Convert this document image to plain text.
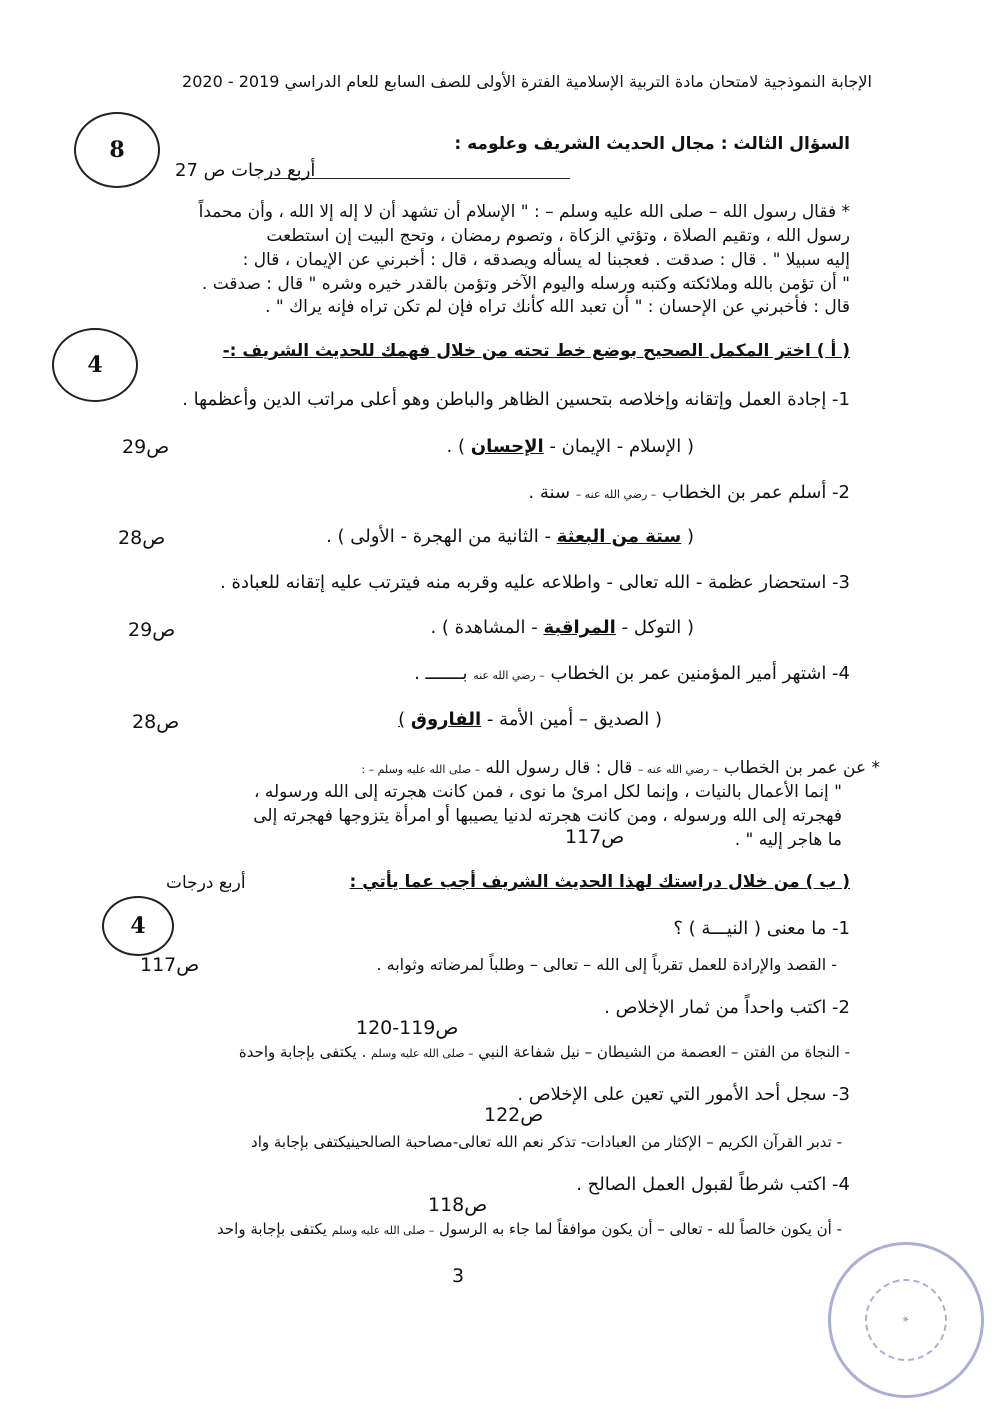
الإجابة النموذجية لامتحان مادة التربية الإسلامية الفترة الأولى للصف السابع للعام الدراسي 2019 - 2020
السؤال الثالث : مجال الحديث الشريف وعلومه :
8
أربع درجات ص 27
* فقال رسول الله – صلى الله عليه وسلم – : " الإسلام أن تشهد أن لا إله إلا الله ، وأن محمداً
رسول الله ، وتقيم الصلاة ، وتؤتي الزكاة ، وتصوم رمضان ، وتحج البيت إن استطعت
إليه سبيلا " . قال : صدقت . فعجبنا له يسأله ويصدقه ، قال : أخبرني عن الإيمان ، قال :
" أن تؤمن بالله وملائكته وكتبه ورسله واليوم الآخر وتؤمن بالقدر خيره وشره " قال : صدقت .
قال : فأخبرني عن الإحسان : " أن تعبد الله كأنك تراه فإن لم تكن تراه فإنه يراك " .
( أ ) اختر المكمل الصحيح بوضع خط تحته من خلال فهمك للحديث الشريف :-
4
1- إجادة العمل وإتقانه وإخلاصه بتحسين الظاهر والباطن وهو أعلى مراتب الدين وأعظمها .
( الإسلام - الإيمان - الإحسان ) .
ص29
2- أسلم عمر بن الخطاب – رضي الله عنه – سنة .
( ستة من البعثة - الثانية من الهجرة - الأولى ) .
ص28
3- استحضار عظمة - الله تعالى - واطلاعه عليه وقربه منه فيترتب عليه إتقانه للعبادة .
( التوكل - المراقبة - المشاهدة ) .
ص29
4- اشتهر أمير المؤمنين عمر بن الخطاب – رضي الله عنه بـــــــ .
( الصديق – أمين الأمة - الفاروق )
ص28
* عن عمر بن الخطاب – رضي الله عنه – قال : قال رسول الله – صلى الله عليه وسلم – :
" إنما الأعمال بالنيات ، وإنما لكل امرئ ما نوى ، فمن كانت هجرته إلى الله ورسوله ،
فهجرته إلى الله ورسوله ، ومن كانت هجرته لدنيا يصيبها أو امرأة يتزوجها فهجرته إلى
ما هاجر إليه " .
ص117
( ب ) من خلال دراستك لهذا الحديث الشريف أجب عما يأتي :
أربع درجات
4	1- ما معنى ( النيـــة ) ؟
- القصد والإرادة للعمل تقرباً إلى الله – تعالى – وطلباً لمرضاته وثوابه .
ص117
2- اكتب واحداً من ثمار الإخلاص .
ص119-120
- النجاة من الفتن – العصمة من الشيطان – نيل شفاعة النبي – صلى الله عليه وسلم . يكتفى بإجابة واحدة
3- سجل أحد الأمور التي تعين على الإخلاص .
ص122
- تدبر القرآن الكريم – الإكثار من العبادات- تذكر نعم الله تعالى-مصاحبة الصالحينيكتفى بإجابة واد
4- اكتب شرطاً لقبول العمل الصالح .
ص118
- أن يكون خالصاً لله - تعالى – أن يكون موافقاً لما جاء به الرسول – صلى الله عليه وسلم يكتفى بإجابة واحد
3
✶
